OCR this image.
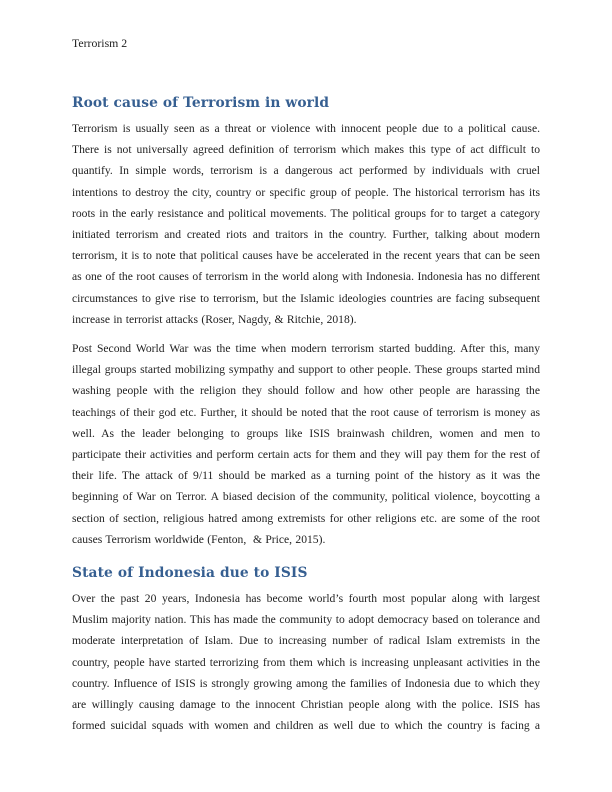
Terrorism 2
Root cause of Terrorism in world

Terrorism is usually seen as a threat or violence with innocent people due to a political cause. There is not universally agreed definition of terrorism which makes this type of act difficult to quantify. In simple words, terrorism is a dangerous act performed by individuals with cruel intentions to destroy the city, country or specific group of people. The historical terrorism has its roots in the early resistance and political movements. The political groups for to target a category initiated terrorism and created riots and traitors in the country. Further, talking about modern terrorism, it is to note that political causes have be accelerated in the recent years that can be seen as one of the root causes of terrorism in the world along with Indonesia. Indonesia has no different circumstances to give rise to terrorism, but the Islamic ideologies countries are facing subsequent increase in terrorist attacks (Roser, Nagdy, & Ritchie, 2018).

Post Second World War was the time when modern terrorism started budding. After this, many illegal groups started mobilizing sympathy and support to other people. These groups started mind washing people with the religion they should follow and how other people are harassing the teachings of their god etc. Further, it should be noted that the root cause of terrorism is money as well. As the leader belonging to groups like ISIS brainwash children, women and men to participate their activities and perform certain acts for them and they will pay them for the rest of their life. The attack of 9/11 should be marked as a turning point of the history as it was the beginning of War on Terror. A biased decision of the community, political violence, boycotting a section of section, religious hatred among extremists for other religions etc. are some of the root causes Terrorism worldwide (Fenton,  & Price, 2015).

State of Indonesia due to ISIS

Over the past 20 years, Indonesia has become world’s fourth most popular along with largest Muslim majority nation. This has made the community to adopt democracy based on tolerance and moderate interpretation of Islam. Due to increasing number of radical Islam extremists in the country, people have started terrorizing from them which is increasing unpleasant activities in the country. Influence of ISIS is strongly growing among the families of Indonesia due to which they are willingly causing damage to the innocent Christian people along with the police. ISIS has formed suicidal squads with women and children as well due to which the country is facing a
